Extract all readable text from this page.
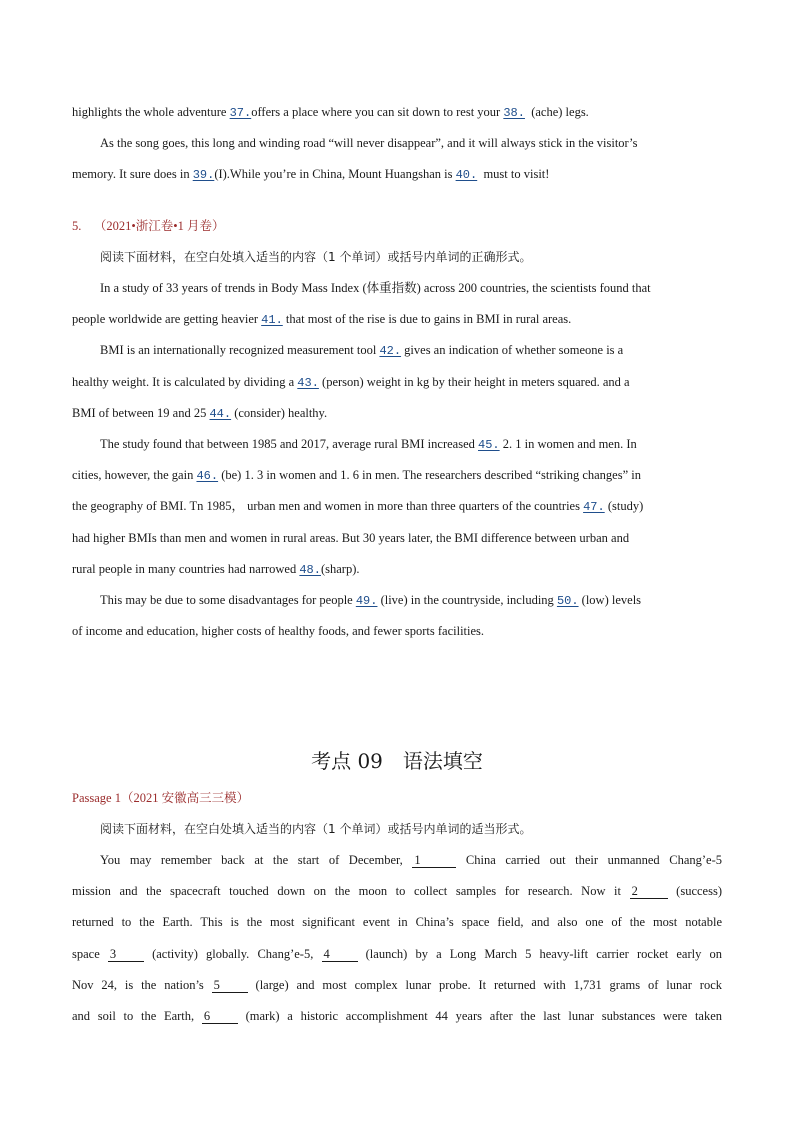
highlights the whole adventure 37.offers a place where you can sit down to rest your 38. (ache) legs.
As the song goes, this long and winding road “will never disappear”, and it will always stick in the visitor’s
memory. It sure does in 39.(I).While you’re in China, Mount Huangshan is 40. must to visit!
5. （2021•浙江卷•1 月卷）
阅读下面材料，在空白处填入适当的内容（1 个单词）或括号内单词的正确形式。
In a study of 33 years of trends in Body Mass Index (体重指数) across 200 countries, the scientists found that
people worldwide are getting heavier 41. that most of the rise is due to gains in BMI in rural areas.
BMI is an internationally recognized measurement tool 42. gives an indication of whether someone is a
healthy weight. It is calculated by dividing a 43. (person) weight in kg by their height in meters squared. and a
BMI of between 19 and 25 44. (consider) healthy.
The study found that between 1985 and 2017, average rural BMI increased 45. 2. 1 in women and men. In
cities, however, the gain 46. (be) 1. 3 in women and 1. 6 in men. The researchers described “striking changes” in
the geography of BMI. Tn 1985， urban men and women in more than three quarters of the countries 47. (study)
had higher BMIs than men and women in rural areas. But 30 years later, the BMI difference between urban and
rural people in many countries had narrowed 48.(sharp).
This may be due to some disadvantages for people 49. (live) in the countryside, including 50. (low) levels
of income and education, higher costs of healthy foods, and fewer sports facilities.
考点 09 语法填空
Passage 1（2021 安徽高三三模）
阅读下面材料，在空白处填入适当的内容（1 个单词）或括号内单词的适当形式。
You may remember back at the start of December, 1	China carried out their unmanned Chang’e-5
mission and the spacecraft touched down on the moon to collect samples for research. Now it 2 (success)
returned to the Earth. This is the most significant event in China’s space field, and also one of the most notable
space 3 (activity) globally. Chang’e-5, 4 (launch) by a Long March 5 heavy-lift carrier rocket early on
Nov 24, is the nation’s 5 (large) and most complex lunar probe. It returned with 1,731 grams of lunar rock
and soil to the Earth, 6 (mark) a historic accomplishment 44 years after the last lunar substances were taken
